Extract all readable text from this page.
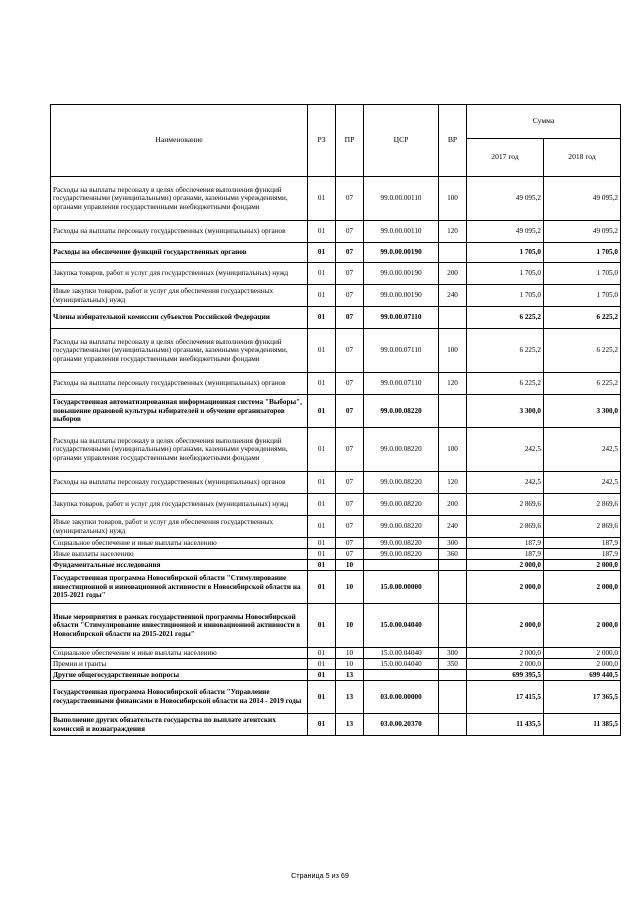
Наименование	РЗ	ПР	ЦСР	ВР	Сумма	
					2017 год	2018 год
Расходы на выплаты персоналу в целях обеспечения выполнения функций государственными (муниципальными) органами, казенными учреждениями, органами управления государственными внебюджетными фондами	01	07	99.0.00.00110	100	49 095,2	49 095,2
Расходы на выплаты персоналу государственных (муниципальных) органов	01	07	99.0.00.00110	120	49 095,2	49 095,2
Расходы на обеспечение функций государственных органов	01	07	99.0.00.00190		1 705,0	1 705,0
Закупка товаров, работ и услуг для государственных (муниципальных) нужд	01	07	99.0.00.00190	200	1 705,0	1 705,0
Иные закупки товаров, работ и услуг для обеспечения государственных (муниципальных) нужд	01	07	99.0.00.00190	240	1 705,0	1 705,0
Члены избирательной комиссии субъектов Российской Федерации	01	07	99.0.00.07110		6 225,2	6 225,2
Расходы на выплаты персоналу в целях обеспечения выполнения функций государственными (муниципальными) органами, казенными учреждениями, органами управления государственными внебюджетными фондами	01	07	99.0.00.07110	100	6 225,2	6 225,2
Расходы на выплаты персоналу государственных (муниципальных) органов	01	07	99.0.00.07110	120	6 225,2	6 225,2
Государственная автоматизированная информационная система "Выборы", повышение правовой культуры избирателей и обучение организаторов выборов	01	07	99.0.00.08220		3 300,0	3 300,0
Расходы на выплаты персоналу в целях обеспечения выполнения функций государственными (муниципальными) органами, казенными учреждениями, органами управления государственными внебюджетными фондами	01	07	99.0.00.08220	100	242,5	242,5
Расходы на выплаты персоналу государственных (муниципальных) органов	01	07	99.0.00.08220	120	242,5	242,5
Закупка товаров, работ и услуг для государственных (муниципальных) нужд	01	07	99.0.00.08220	200	2 869,6	2 869,6
Иные закупки товаров, работ и услуг для обеспечения государственных (муниципальных) нужд	01	07	99.0.00.08220	240	2 869,6	2 869,6
Социальное обеспечение и иные выплаты населению	01	07	99.0.00.08220	300	187,9	187,9
Иные выплаты населению	01	07	99.0.00.08220	360	187,9	187,9
Фундаментальные исследования	01	10			2 000,0	2 000,0
Государственная программа Новосибирской области "Стимулирование инвестиционной и инновационной активности в Новосибирской области на 2015-2021 годы"	01	10	15.0.00.00000		2 000,0	2 000,0
Иные мероприятия в рамках государственной программы Новосибирской области "Стимулирование инвестиционной и инновационной активности в Новосибирской области на 2015-2021 годы"	01	10	15.0.00.04040		2 000,0	2 000,0
Социальное обеспечение и иные выплаты населению	01	10	15.0.00.04040	300	2 000,0	2 000,0
Премии и гранты	01	10	15.0.00.04040	350	2 000,0	2 000,0
Другие общегосударственные вопросы	01	13			699 395,5	699 440,5
Государственная программа Новосибирской области "Управление государственными финансами в Новосибирской области на 2014 - 2019 годы	01	13	03.0.00.00000		17 415,5	17 365,5
Выполнение других обязательств государства по выплате агентских комиссий и вознаграждения	01	13	03.0.00.20370		11 435,5	11 385,5
Страница 5 из 69
